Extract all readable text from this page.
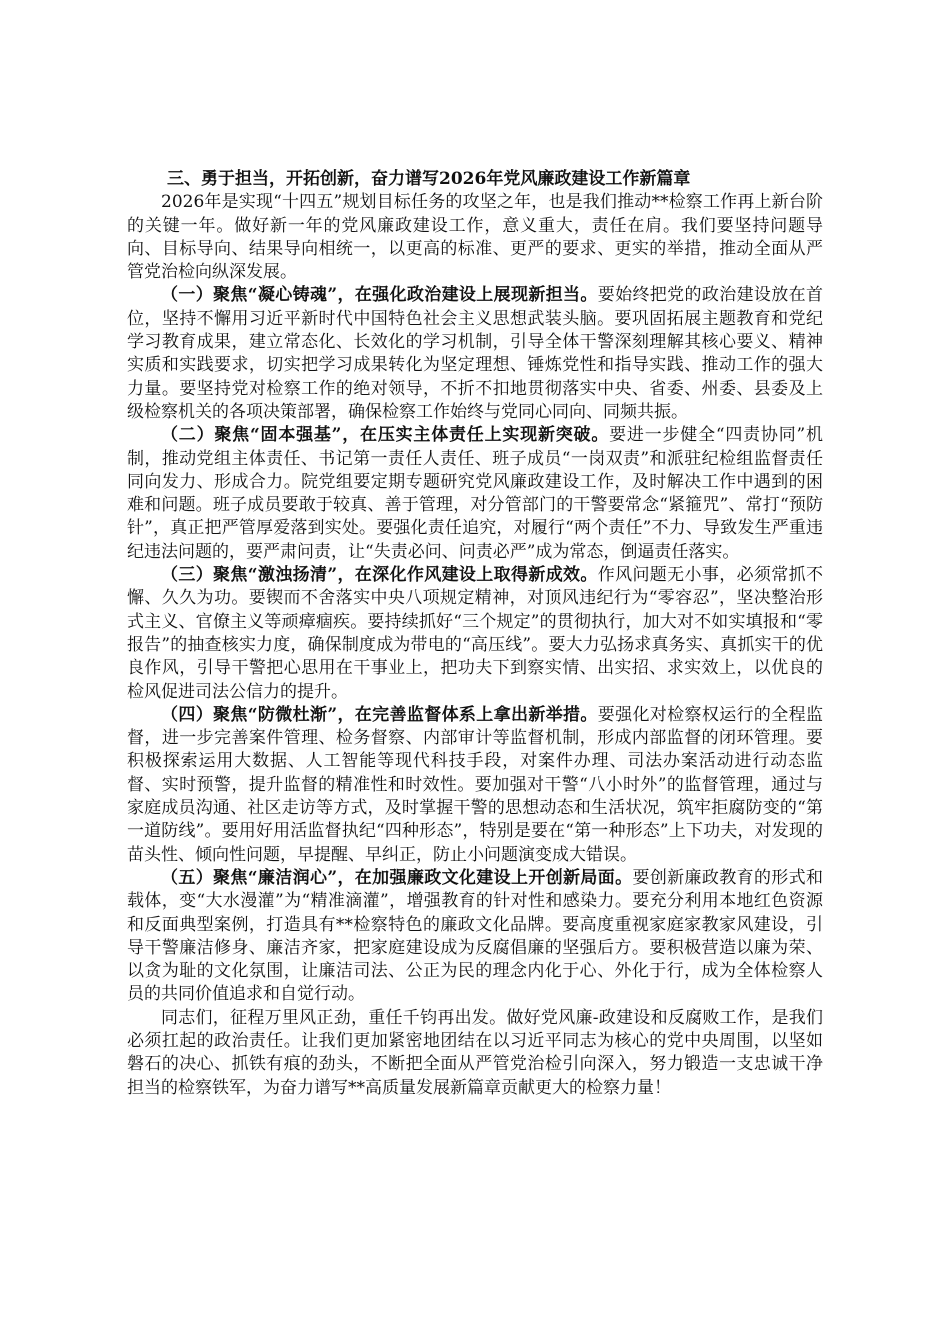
三、勇于担当，开拓创新，奋力谱写2026年党风廉政建设工作新篇章

2026年是实现“十四五”规划目标任务的攻坚之年，也是我们推动**检察工作再上新台阶的关键一年。做好新一年的党风廉政建设工作，意义重大，责任在肩。我们要坚持问题导向、目标导向、结果导向相统一，以更高的标准、更严的要求、更实的举措，推动全面从严管党治检向纵深发展。

（一）聚焦“凝心铸魂”，在强化政治建设上展现新担当。要始终把党的政治建设放在首位，坚持不懈用习近平新时代中国特色社会主义思想武装头脑。要巩固拓展主题教育和党纪学习教育成果，建立常态化、长效化的学习机制，引导全体干警深刻理解其核心要义、精神实质和实践要求，切实把学习成果转化为坚定理想、锤炼党性和指导实践、推动工作的强大力量。要坚持党对检察工作的绝对领导，不折不扣地贯彻落实中央、省委、州委、县委及上级检察机关的各项决策部署，确保检察工作始终与党同心同向、同频共振。

（二）聚焦“固本强基”，在压实主体责任上实现新突破。要进一步健全“四责协同”机制，推动党组主体责任、书记第一责任人责任、班子成员“一岗双责”和派驻纪检组监督责任同向发力、形成合力。院党组要定期专题研究党风廉政建设工作，及时解决工作中遇到的困难和问题。班子成员要敢于较真、善于管理，对分管部门的干警要常念“紧箍咒”、常打“预防针”，真正把严管厚爱落到实处。要强化责任追究，对履行“两个责任”不力、导致发生严重违纪违法问题的，要严肃问责，让“失责必问、问责必严”成为常态，倒逼责任落实。

（三）聚焦“激浊扬清”，在深化作风建设上取得新成效。作风问题无小事，必须常抓不懈、久久为功。要锲而不舍落实中央八项规定精神，对顶风违纪行为“零容忍”，坚决整治形式主义、官僚主义等顽瘴痼疾。要持续抓好“三个规定”的贯彻执行，加大对不如实填报和“零报告”的抽查核实力度，确保制度成为带电的“高压线”。要大力弘扬求真务实、真抓实干的优良作风，引导干警把心思用在干事业上，把功夫下到察实情、出实招、求实效上，以优良的检风促进司法公信力的提升。

（四）聚焦“防微杜渐”，在完善监督体系上拿出新举措。要强化对检察权运行的全程监督，进一步完善案件管理、检务督察、内部审计等监督机制，形成内部监督的闭环管理。要积极探索运用大数据、人工智能等现代科技手段，对案件办理、司法办案活动进行动态监督、实时预警，提升监督的精准性和时效性。要加强对干警“八小时外”的监督管理，通过与家庭成员沟通、社区走访等方式，及时掌握干警的思想动态和生活状况，筑牢拒腐防变的“第一道防线”。要用好用活监督执纪“四种形态”，特别是要在“第一种形态”上下功夫，对发现的苗头性、倾向性问题，早提醒、早纠正，防止小问题演变成大错误。

（五）聚焦“廉洁润心”，在加强廉政文化建设上开创新局面。要创新廉政教育的形式和载体，变“大水漫灌”为“精准滴灌”，增强教育的针对性和感染力。要充分利用本地红色资源和反面典型案例，打造具有**检察特色的廉政文化品牌。要高度重视家庭家教家风建设，引导干警廉洁修身、廉洁齐家，把家庭建设成为反腐倡廉的坚强后方。要积极营造以廉为荣、以贪为耻的文化氛围，让廉洁司法、公正为民的理念内化于心、外化于行，成为全体检察人员的共同价值追求和自觉行动。

同志们，征程万里风正劲，重任千钧再出发。做好党风廉-政建设和反腐败工作，是我们必须扛起的政治责任。让我们更加紧密地团结在以习近平同志为核心的党中央周围，以坚如磐石的决心、抓铁有痕的劲头，不断把全面从严管党治检引向深入，努力锻造一支忠诚干净担当的检察铁军，为奋力谱写**高质量发展新篇章贡献更大的检察力量！
